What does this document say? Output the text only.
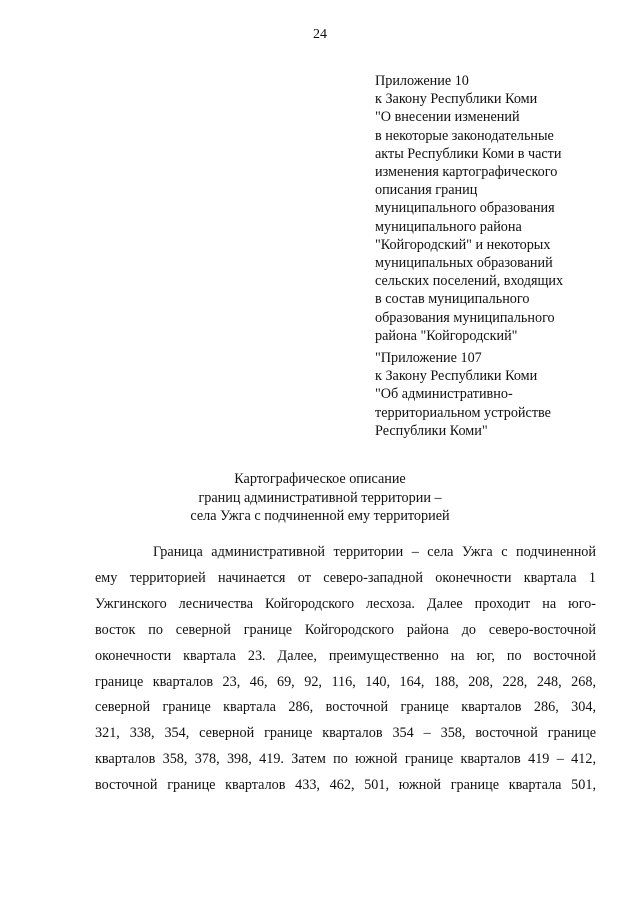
24
Приложение 10
к Закону Республики Коми
"О внесении изменений
в некоторые законодательные
акты Республики Коми в части
изменения картографического
описания границ
муниципального образования
муниципального района
"Койгородский" и некоторых
муниципальных образований
сельских поселений, входящих
в состав муниципального
образования муниципального
района "Койгородский"
"Приложение 107
к Закону Республики Коми
"Об административно-
территориальном устройстве
Республики Коми"
Картографическое описание
границ административной территории –
села Ужга с подчиненной ему территорией
Граница административной территории – села Ужга с подчиненной
ему территорией начинается от северо-западной оконечности квартала 1
Ужгинского лесничества Койгородского лесхоза. Далее проходит на юго-
восток по северной границе Койгородского района до северо-восточной
оконечности квартала 23. Далее, преимущественно на юг, по восточной
границе кварталов 23, 46, 69, 92, 116, 140, 164, 188, 208, 228, 248, 268,
северной границе квартала 286, восточной границе кварталов 286, 304,
321, 338, 354, северной границе кварталов 354 – 358, восточной границе
кварталов 358, 378, 398, 419. Затем по южной границе кварталов 419 – 412,
восточной границе кварталов 433, 462, 501, южной границе квартала 501,
